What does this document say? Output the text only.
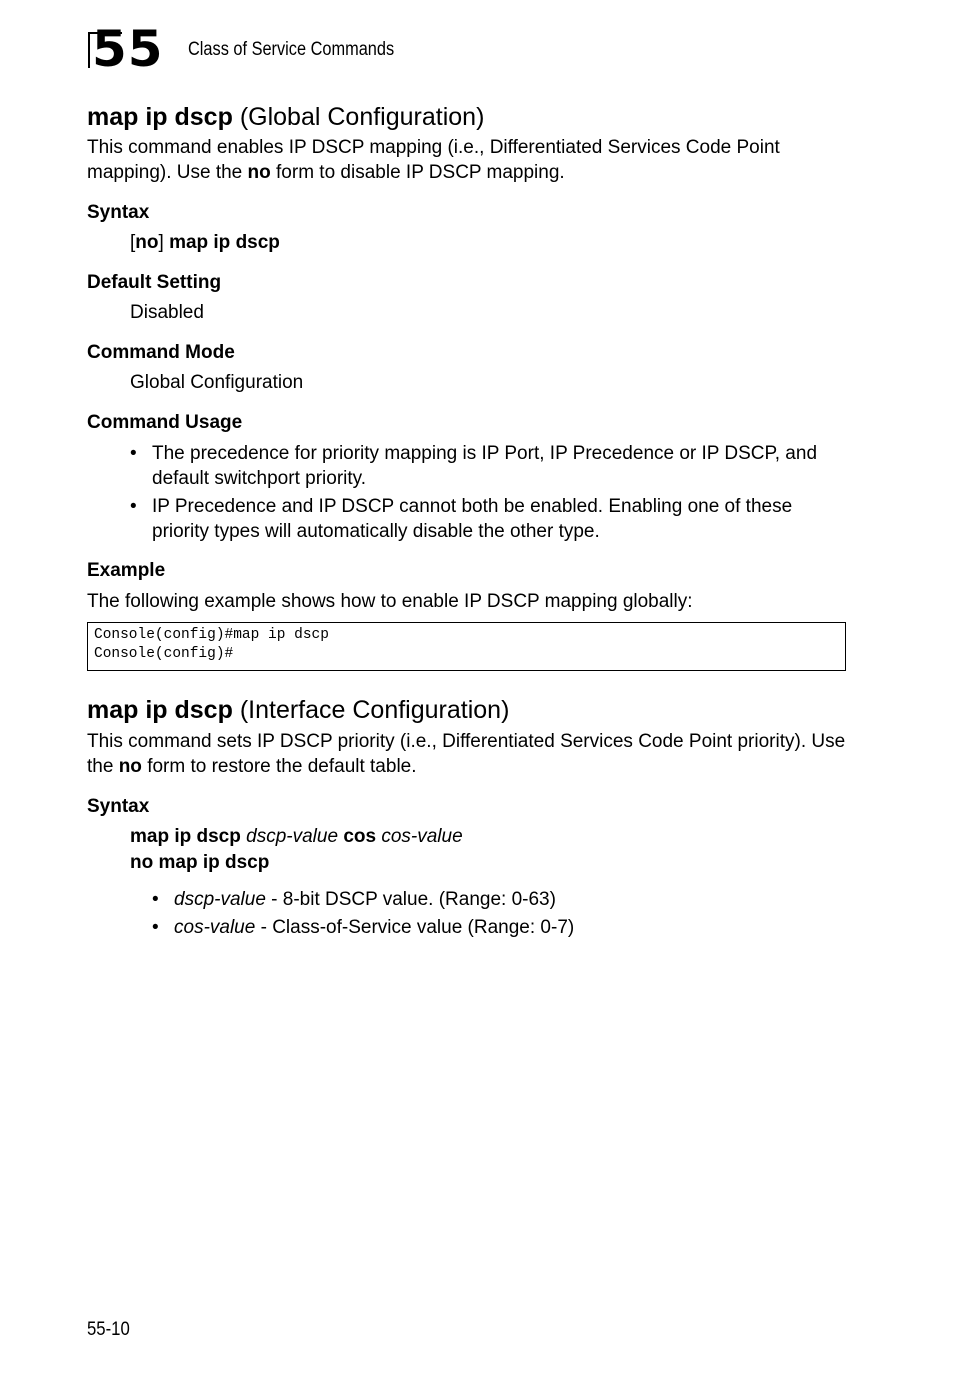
55 Class of Service Commands
map ip dscp (Global Configuration)
This command enables IP DSCP mapping (i.e., Differentiated Services Code Point mapping). Use the no form to disable IP DSCP mapping.
Syntax
[no] map ip dscp
Default Setting
Disabled
Command Mode
Global Configuration
Command Usage
• The precedence for priority mapping is IP Port, IP Precedence or IP DSCP, and default switchport priority.
• IP Precedence and IP DSCP cannot both be enabled. Enabling one of these priority types will automatically disable the other type.
Example
The following example shows how to enable IP DSCP mapping globally:
Console(config)#map ip dscp
Console(config)#
map ip dscp (Interface Configuration)
This command sets IP DSCP priority (i.e., Differentiated Services Code Point priority). Use the no form to restore the default table.
Syntax
map ip dscp dscp-value cos cos-value
no map ip dscp
• dscp-value - 8-bit DSCP value. (Range: 0-63)
• cos-value - Class-of-Service value (Range: 0-7)
55-10
